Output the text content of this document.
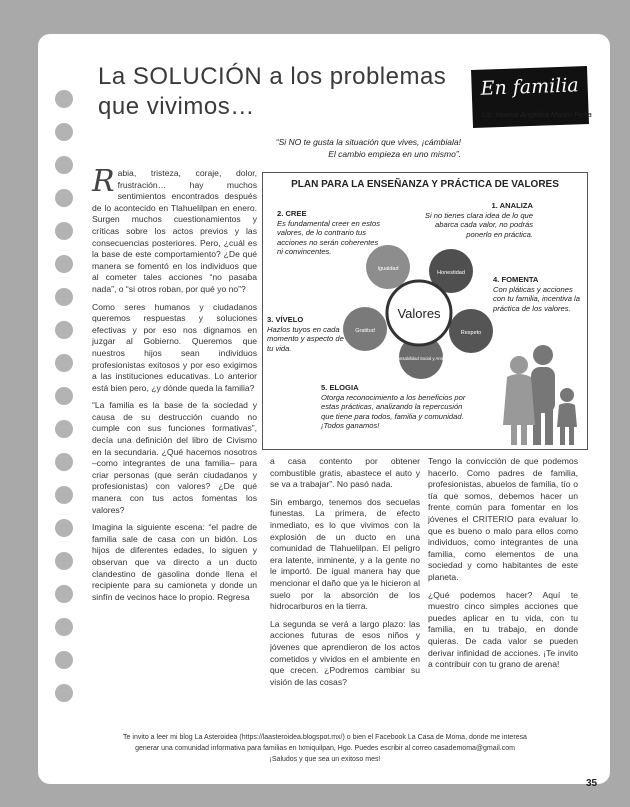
La SOLUCIÓN a los problemas que vivimos…
En familia
Lic. Norma Angélica Martín Peña
“Si NO te gusta la situación que vives, ¡cámbiala!
El cambio empieza en uno mismo”.

Rabia, tristeza, coraje, dolor, frustración… hay muchos sentimientos encontrados después de lo acontecido en Tlahuelilpan en enero. Surgen muchos cuestionamientos y críticas sobre los actos previos y las consecuencias posteriores. Pero, ¿cuál es la base de este comportamiento? ¿De qué manera se fomentó en los individuos que al cometer tales acciones “no pasaba nada”, o “si otros roban, por qué yo no”?

Como seres humanos y ciudadanos queremos respuestas y soluciones efectivas y por eso nos dignamos en juzgar al Gobierno. Queremos que nuestros hijos sean individuos profesionistas exitosos y por eso exigimos a las instituciones educativas. Lo anterior está bien pero, ¿y dónde queda la familia?

“La familia es la base de la sociedad y causa de su destrucción cuando no cumple con sus funciones formativas”, decía una definición del libro de Civismo en la secundaria. ¿Qué hacemos nosotros –como integrantes de una familia– para criar personas (que serán ciudadanos y profesionistas) con valores? ¿De qué manera con tus actos fomentas los valores?

Imagina la siguiente escena: “el padre de familia sale de casa con un bidón. Los hijos de diferentes edades, lo siguen y observan que va directo a un ducto clandestino de gasolina donde llena el recipiente para su camioneta y donde un sinfín de vecinos hace lo propio. Regresa

PLAN PARA LA ENSEÑANZA Y PRÁCTICA DE VALORES
2. CREE
Es fundamental creer en estos valores, de lo contrario tus acciones no serán coherentes ni convincentes.
1. ANALIZA
Si no tienes clara idea de lo que abarca cada valor, no podrás ponerlo en práctica.
4. FOMENTA
Con pláticas y acciones con tu familia, incentiva la práctica de los valores.
3. VÍVELO
Hazlos tuyos en cada momento y aspecto de tu vida.
5. ELOGIA
Otorga reconocimiento a los beneficios por estas prácticas, analizando la repercusión que tiene para todos, familia y comunidad. ¡Todos ganamos!
Valores
Igualdad
Honestidad
Respeto
Responsabilidad Social y Ambiental
Gratitud

a casa contento por obtener combustible gratis, abastece el auto y se va a trabajar”. No pasó nada.

Sin embargo, tenemos dos secuelas funestas. La primera, de efecto inmediato, es lo que vivimos con la explosión de un ducto en una comunidad de Tlahuelilpan. El peligro era latente, inminente, y a la gente no le importó. De igual manera hay que mencionar el daño que ya le hicieron al suelo por la absorción de los hidrocarburos en la tierra.

La segunda se verá a largo plazo: las acciones futuras de esos niños y jóvenes que aprendieron de los actos cometidos y vividos en el ambiente en que crecen. ¿Podremos cambiar su visión de las cosas?

Tengo la convicción de que podemos hacerlo. Como padres de familia, profesionistas, abuelos de familia, tío o tía que somos, debemos hacer un frente común para fomentar en los jóvenes el CRITERIO para evaluar lo que es bueno o malo para ellos como individuos, como integrantes de una familia, como elementos de una sociedad y como habitantes de este planeta.

¿Qué podemos hacer? Aquí te muestro cinco simples acciones que puedes aplicar en tu vida, con tu familia, en tu trabajo, en donde quieras. De cada valor se pueden derivar infinidad de acciones. ¡Te invito a contribuir con tu grano de arena!

Te invito a leer mi blog La Asteroidea (https://laasteroidea.blogspot.mx/) o bien el Facebook La Casa de Moma, donde me interesa
generar una comunidad informativa para familias en Ixmiquilpan, Hgo. Puedes escribir al correo casademoma@gmail.com
¡Saludos y que sea un exitoso mes!
35
